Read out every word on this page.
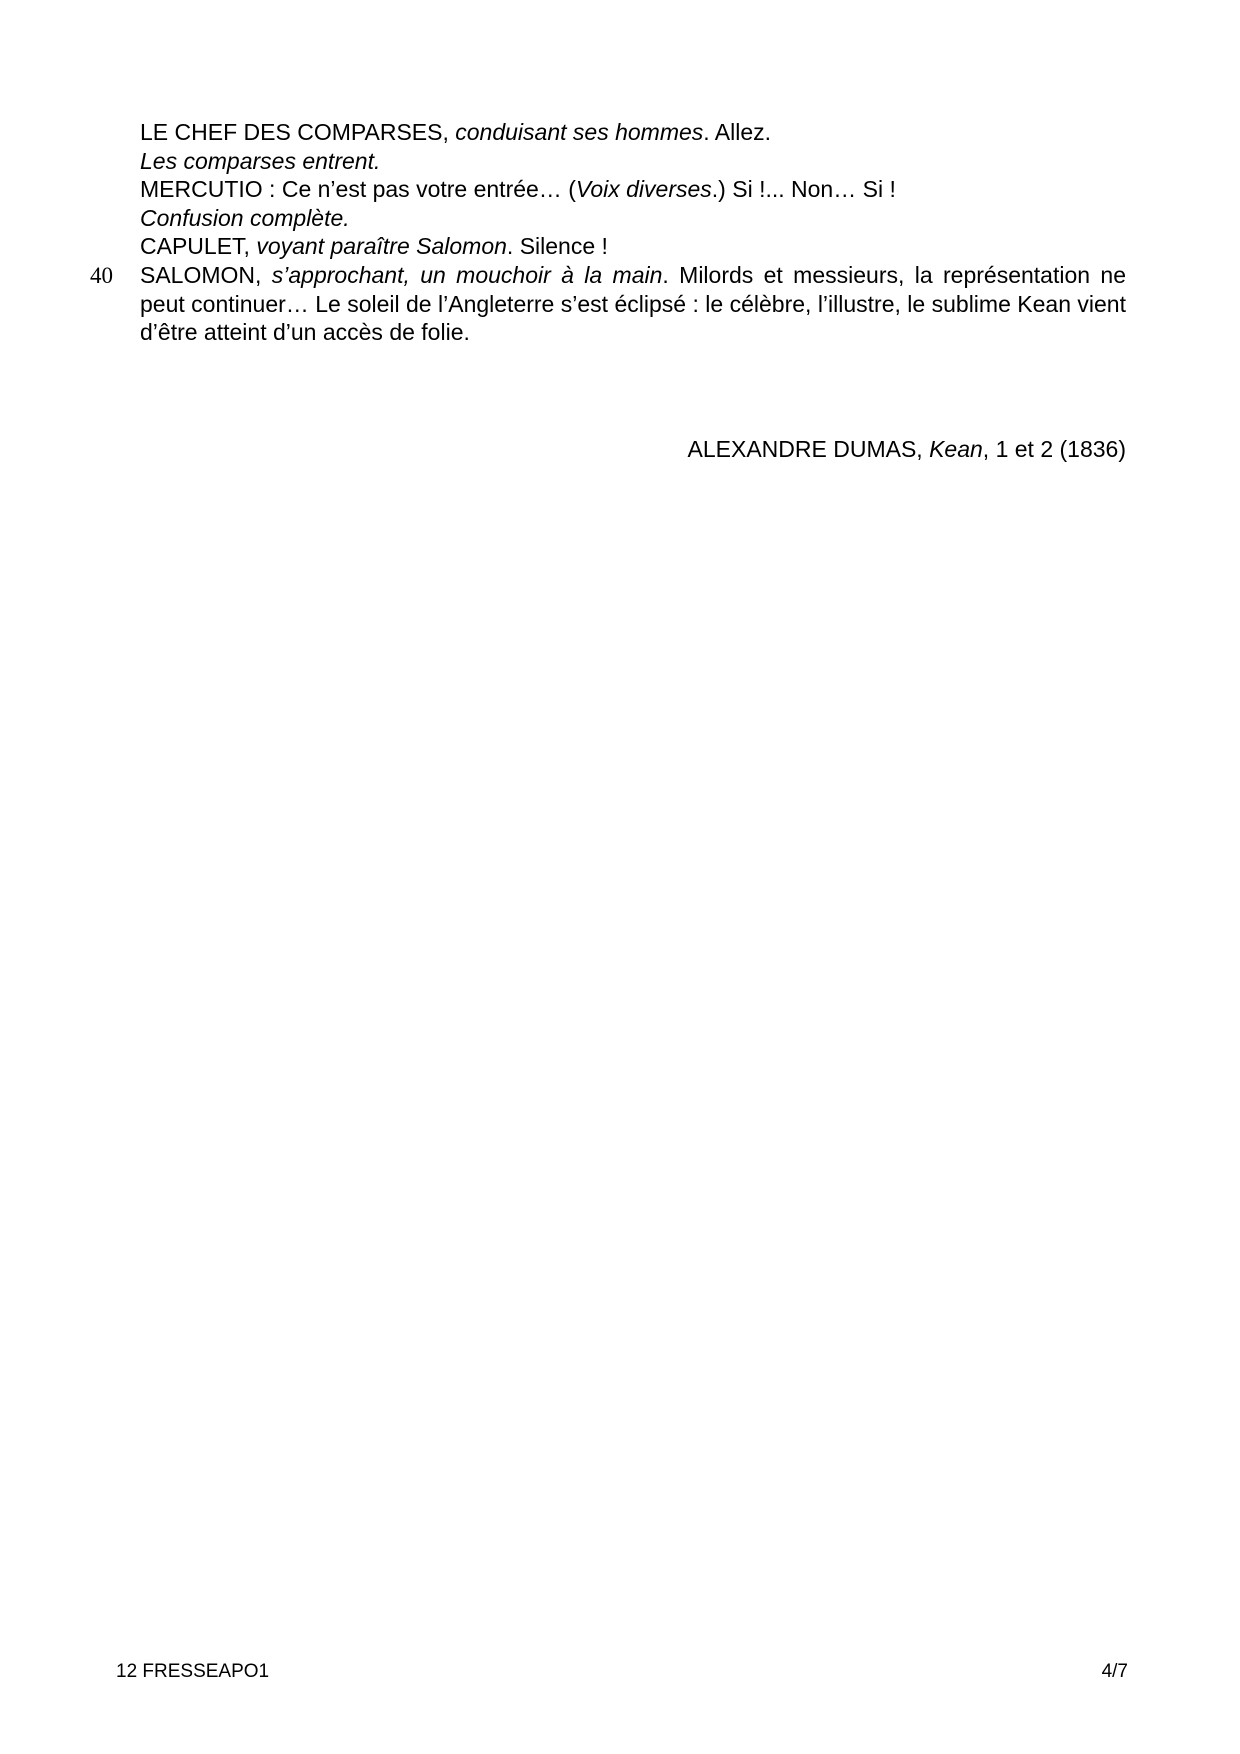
40
LE CHEF DES COMPARSES, conduisant ses hommes. Allez.
Les comparses entrent.
MERCUTIO : Ce n’est pas votre entrée… (Voix diverses.) Si !... Non… Si !
Confusion complète.
CAPULET, voyant paraître Salomon. Silence !
SALOMON, s’approchant, un mouchoir à la main. Milords et messieurs, la représentation ne peut continuer… Le soleil de l’Angleterre s’est éclipsé : le célèbre, l’illustre, le sublime Kean vient d’être atteint d’un accès de folie.
ALEXANDRE DUMAS, Kean, 1 et 2 (1836)
12 FRESSEAPO1	4/7
